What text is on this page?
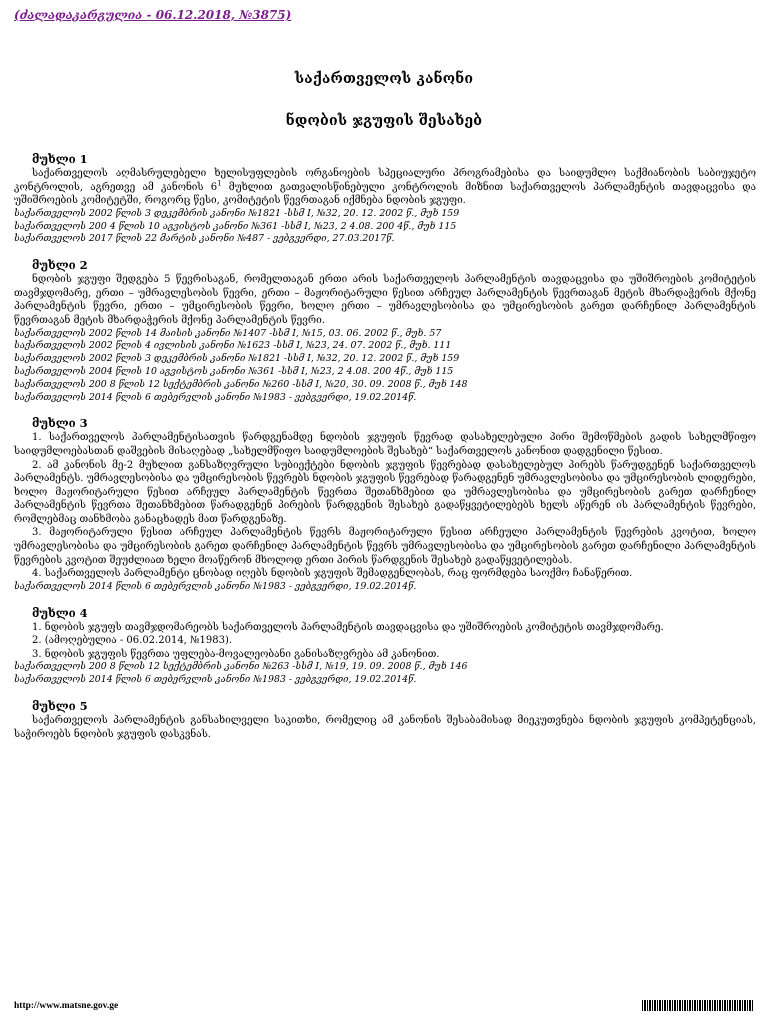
(ძალადაკარგულია - 06.12.2018, №3875)
საქართველოს კანონი
ნდობის ჯგუფის შესახებ
მუხლი 1

საქართველოს აღმასრულებელი ხელისუფლების ორგანოების სპეციალური პროგრამებისა და საიდუმლო საქმიანობის საბიუჯეტო კონტროლის, აგრეთვე ამ კანონის $6^1$ მუხლით გათვალისწინებული კონტროლის მიზნით საქართველოს პარლამენტის თავდაცვისა და უშიშროების კომიტეტში, როგორც წესი, კომიტეტის წევრთაგან იქმნება ნდობის ჯგუფი.

საქართველოს 2002 წლის 3 დეკემბრის კანონი №1821 -სსმ I, №32, 20. 12. 2002 წ., მუხ 159
საქართველოს 200 4 წლის 10 აგვისტოს კანონი №361 -სსმ I, №23, 2 4.08. 200 4წ., მუხ 115
საქართველოს 2017 წლის 22 მარტის კანონი №487 - ვებგვერდი, 27.03.2017წ.
მუხლი 2

ნდობის ჯგუფი შედგება 5 წევრისაგან, რომელთაგან ერთი არის საქართველოს პარლამენტის თავდაცვისა და უშიშროების კომიტეტის თავმჯდომარე, ერთი – უმრავლესობის წევრი, ერთი – მაჟორიტარული წესით არჩეულ პარლამენტის წევრთაგან მეტის მხარდაჭერის მქონე პარლამენტის წევრი, ერთი – უმცირესობის წევრი, ხოლო ერთი – უმრავლესობისა და უმცირესობის გარეთ დარჩენილ პარლამენტის წევრთაგან მეტის მხარდაჭერის მქონე პარლამენტის წევრი.

საქართველოს 2002 წლის 14 მაისის კანონი №1407 -სსმ I, №15, 03. 06. 2002 წ., მუხ. 57
საქართველოს 2002 წლის 4 ივლისის კანონი №1623 -სსმ I, №23, 24. 07. 2002 წ., მუხ. 111
საქართველოს 2002 წლის 3 დეკემბრის კანონი №1821 -სსმ I, №32, 20. 12. 2002 წ., მუხ 159
საქართველოს 2004 წლის 10 აგვისტოს კანონი №361 -სსმ I, №23, 2 4.08. 200 4წ., მუხ 115
საქართველოს 200 8 წლის 12 სექტემბრის კანონი №260 -სსმ I, №20, 30. 09. 2008 წ., მუხ 148
საქართველოს 2014 წლის 6 თებერვლის კანონი №1983 - ვებგვერდი, 19.02.2014წ.
მუხლი 3

1. საქართველოს პარლამენტისათვის წარდგენამდე ნდობის ჯგუფის წევრად დასახელებული პირი შემოწმების გადის სახელმწიფო საიდუმლოებასთან დაშვების მისაღებად „სახელმწიფო საიდუმლოების შესახებ“ საქართველოს კანონით დადგენილი წესით.

2. ამ კანონის მე-2 მუხლით განსაზღვრული სუბიექტები ნდობის ჯგუფის წევრებად დასახელებულ პირებს წარუდგენენ საქართველოს პარლამენტს. უმრავლესობისა და უმცირესობის წევრებს ნდობის ჯგუფის წევრებად წარადგენენ უმრავლესობისა და უმცირესობის ლიდერები, ხოლო მაჟორიტარული წესით არჩეულ პარლამენტის წევრთა შეთანხმებით და უმრავლესობისა და უმცირესობის გარეთ დარჩენილ პარლამენტის წევრთა შეთანხმებით წარადგენენ პირების წარდგენის შესახებ გადაწყვეტილებებს ხელს აწერენ ის პარლამენტის წევრები, რომლებმაც თანხმობა განაცხადეს მათ წარდგენაზე.

3. მაჟორიტარული წესით არჩეულ პარლამენტის წევრს მაჟორიტარული წესით არჩეული პარლამენტის წევრების კვოტით, ხოლო უმრავლესობისა და უმცირესობის გარეთ დარჩენილ პარლამენტის წევრს უმრავლესობისა და უმცირესობის გარეთ დარჩენილი პარლამენტის წევრების კვოტით შეუძლიათ ხელი მოაწერონ მხოლოდ ერთი პირის წარდგენის შესახებ გადაწყვეტილებას.

4. საქართველოს პარლამენტი ცნობად იღებს ნდობის ჯგუფის შემადგენლობას, რაც ფორმდება საოქმო ჩანაწერით.

საქართველოს 2014 წლის 6 თებერვლის კანონი №1983 - ვებგვერდი, 19.02.2014წ.
მუხლი 4

1. ნდობის ჯგუფს თავმჯდომარეობს საქართველოს პარლამენტის თავდაცვისა და უშიშროების კომიტეტის თავმჯდომარე.

2. (ამოღებულია - 06.02.2014, №1983).

3. ნდობის ჯგუფის წევრთა უფლება-მოვალეობანი განისაზღვრება ამ კანონით.

საქართველოს 200 8 წლის 12 სექტემბრის კანონი №263 -სსმ I, №19, 19. 09. 2008 წ., მუხ 146
საქართველოს 2014 წლის 6 თებერვლის კანონი №1983 - ვებგვერდი, 19.02.2014წ.
მუხლი 5

საქართველოს პარლამენტის განსახილველი საკითხი, რომელიც ამ კანონის შესაბამისად მიეკუთვნება ნდობის ჯგუფის კომპეტენციას, საჭიროებს ნდობის ჯგუფის დასკვნას.

http://www.matsne.gov.ge
